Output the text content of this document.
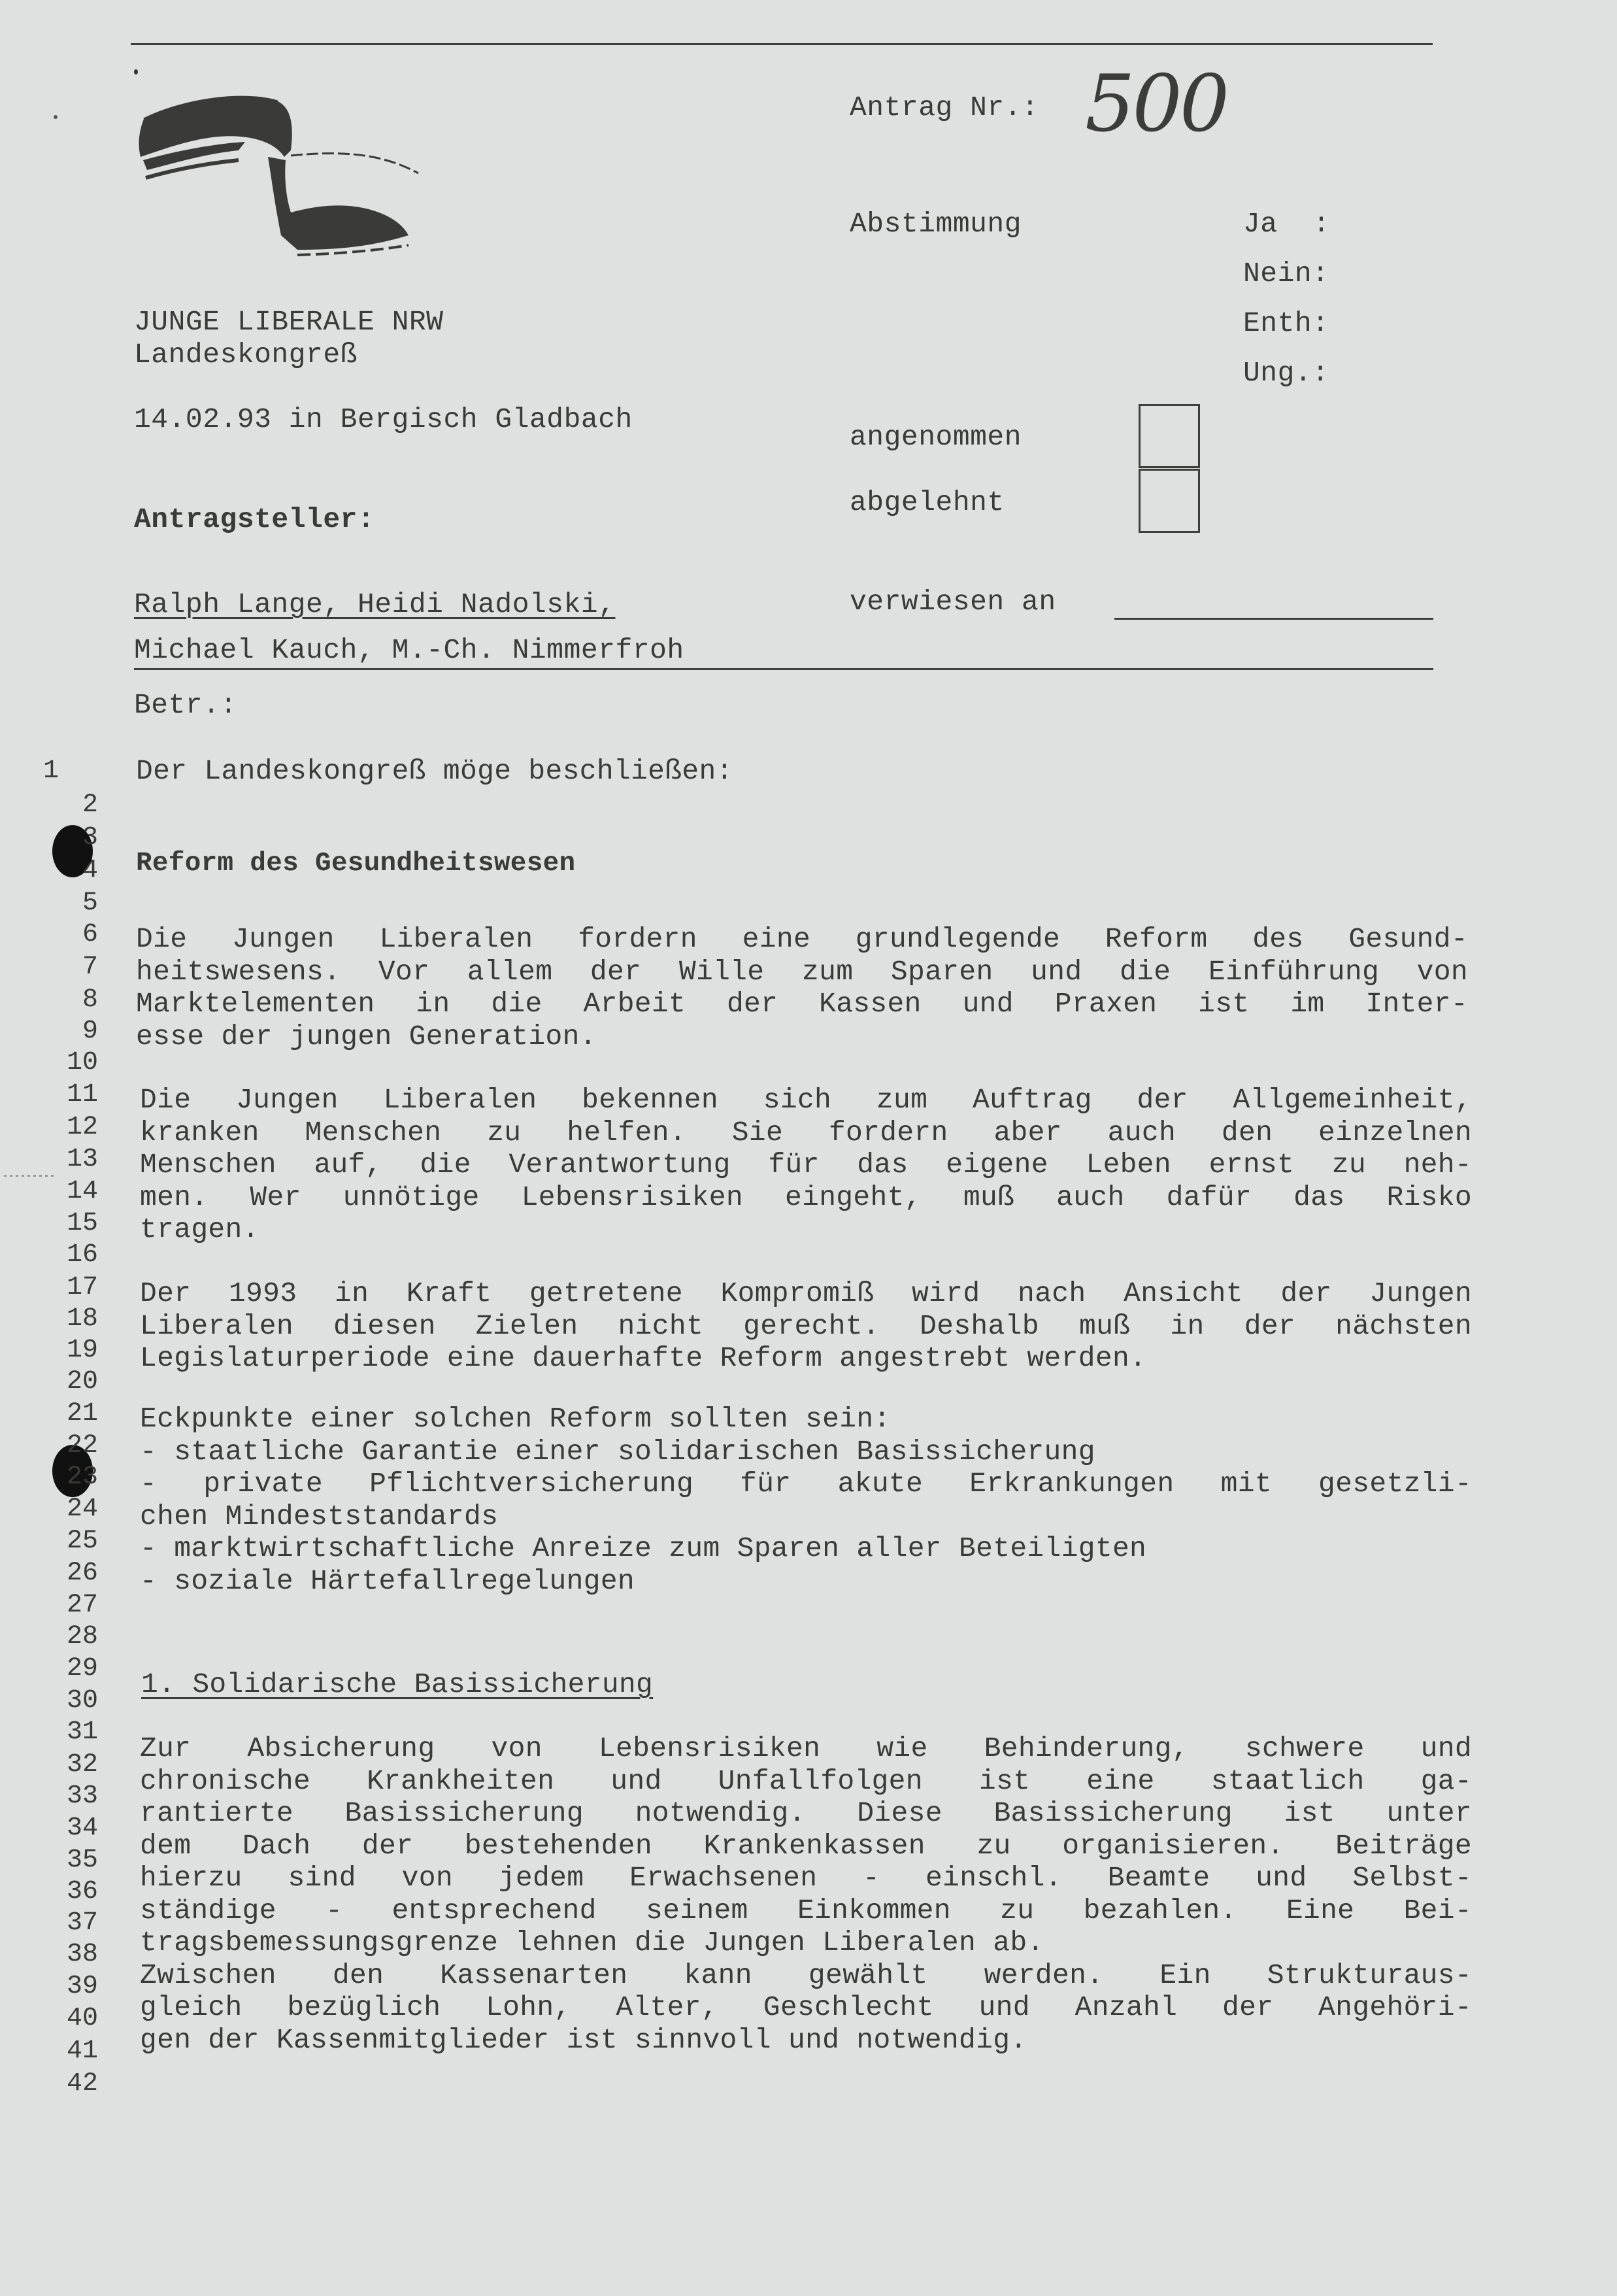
JUNGE LIBERALE NRW
Landeskongreß
14.02.93 in Bergisch Gladbach
Antragsteller:
Ralph Lange, Heidi Nadolski,
Michael Kauch, M.-Ch. Nimmerfroh
Antrag Nr.: 500
Abstimmung	Ja :
Nein:
Enth:
Ung.:
angenommen
abgelehnt
verwiesen an
Betr.:
1
2
3
4
5
6
7
8
9
10
11
12
13
14
15
16
17
18
19
20
21
22
23
24
25
26
27
28
29
30
31
32
33
34
35
36
37
38
39
40
41
42
Der Landeskongreß möge beschließen:
Reform des Gesundheitswesen
Die Jungen Liberalen fordern eine grundlegende Reform des Gesund-
heitswesens. Vor allem der Wille zum Sparen und die Einführung von
Marktelementen in die Arbeit der Kassen und Praxen ist im Inter-
esse der jungen Generation.
Die Jungen Liberalen bekennen sich zum Auftrag der Allgemeinheit,
kranken Menschen zu helfen. Sie fordern aber auch den einzelnen
Menschen auf, die Verantwortung für das eigene Leben ernst zu neh-
men. Wer unnötige Lebensrisiken eingeht, muß auch dafür das Risko
tragen.
Der 1993 in Kraft getretene Kompromiß wird nach Ansicht der Jungen
Liberalen diesen Zielen nicht gerecht. Deshalb muß in der nächsten
Legislaturperiode eine dauerhafte Reform angestrebt werden.
Eckpunkte einer solchen Reform sollten sein:
- staatliche Garantie einer solidarischen Basissicherung
- private Pflichtversicherung für akute Erkrankungen mit gesetzli-
chen Mindeststandards
- marktwirtschaftliche Anreize zum Sparen aller Beteiligten
- soziale Härtefallregelungen
Zur Absicherung von Lebensrisiken wie Behinderung, schwere und
chronische Krankheiten und Unfallfolgen ist eine staatlich ga-
rantierte Basissicherung notwendig. Diese Basissicherung ist unter
dem Dach der bestehenden Krankenkassen zu organisieren. Beiträge
hierzu sind von jedem Erwachsenen - einschl. Beamte und Selbst-
ständige - entsprechend seinem Einkommen zu bezahlen. Eine Bei-
tragsbemessungsgrenze lehnen die Jungen Liberalen ab.
Zwischen den Kassenarten kann gewählt werden. Ein Strukturaus-
gleich bezüglich Lohn, Alter, Geschlecht und Anzahl der Angehöri-
gen der Kassenmitglieder ist sinnvoll und notwendig.
1. Solidarische Basissicherung
